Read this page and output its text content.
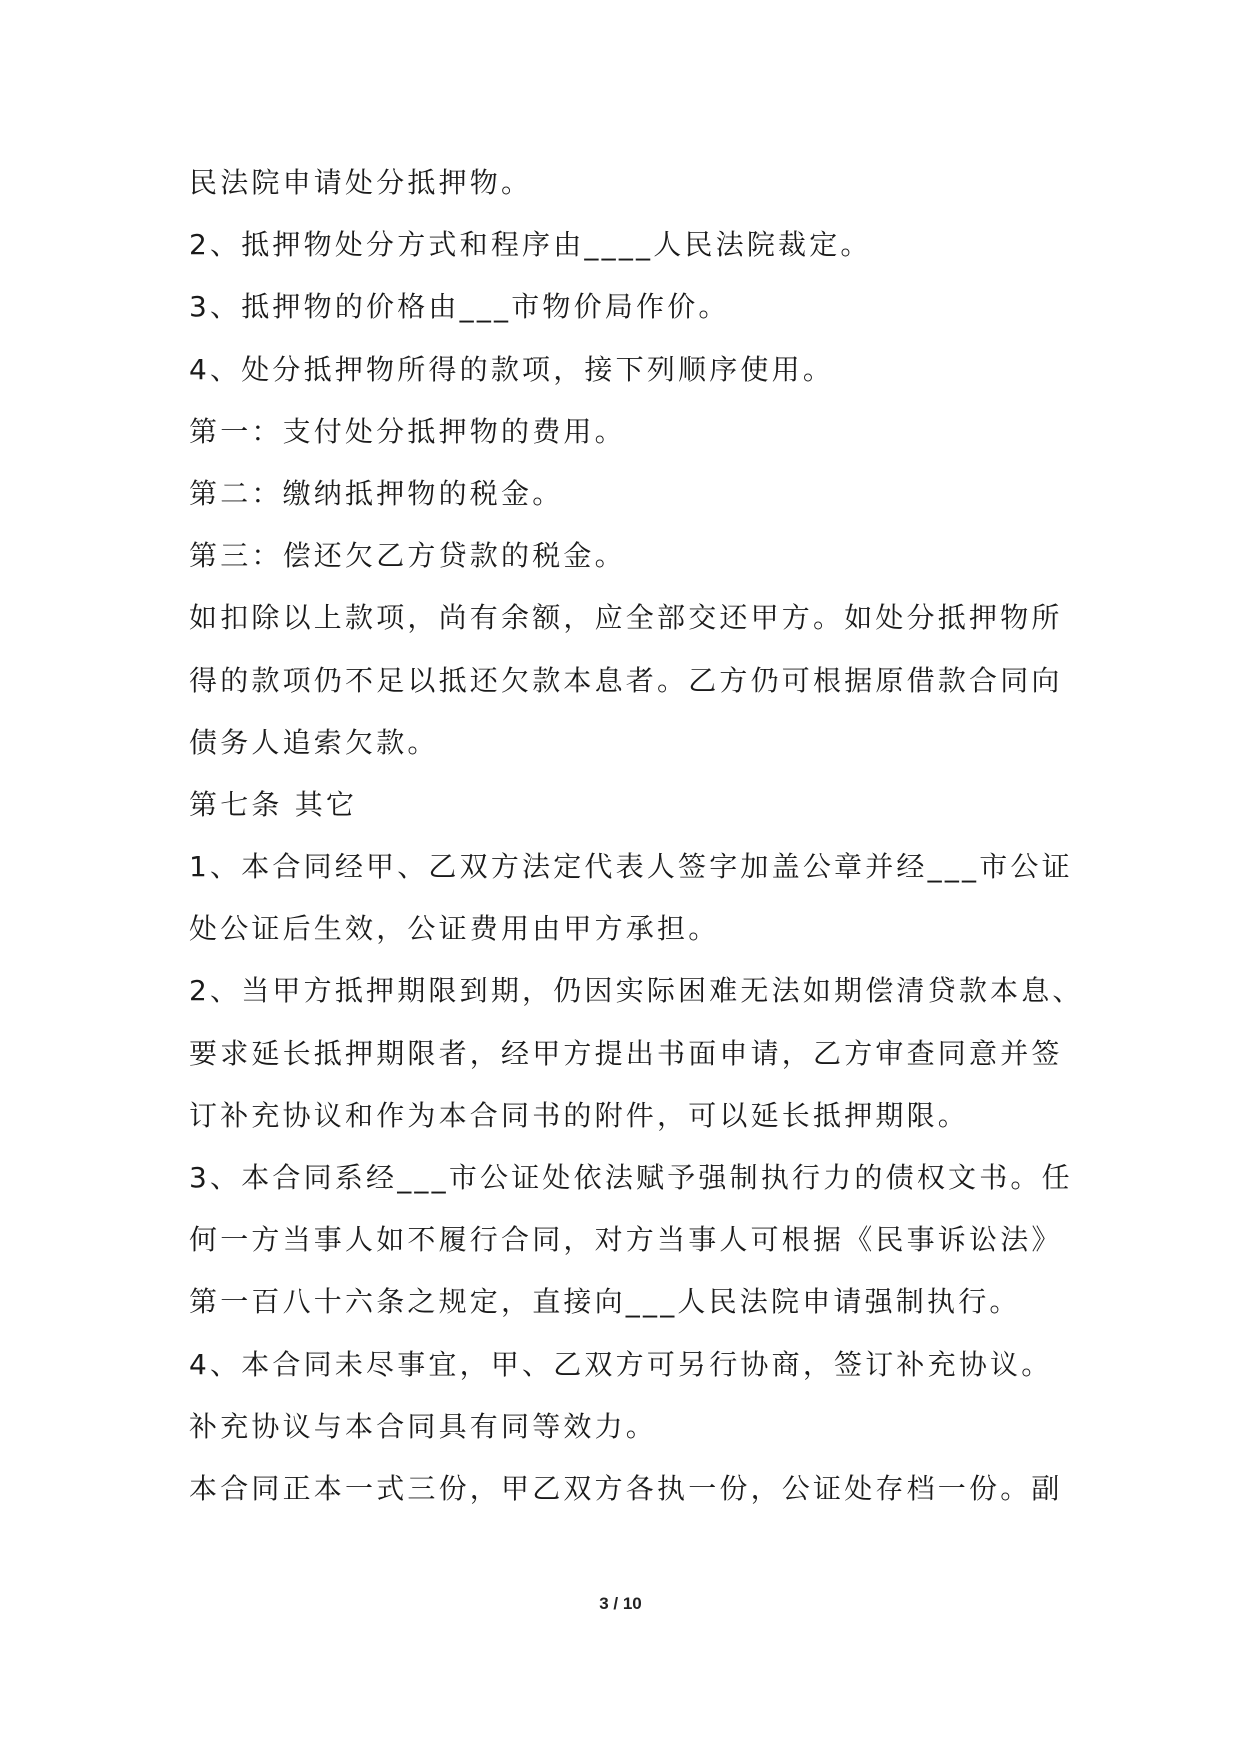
民法院申请处分抵押物。

2、抵押物处分方式和程序由____人民法院裁定。

3、抵押物的价格由___市物价局作价。

4、处分抵押物所得的款项，接下列顺序使用。

第一：支付处分抵押物的费用。

第二：缴纳抵押物的税金。

第三：偿还欠乙方贷款的税金。

如扣除以上款项，尚有余额，应全部交还甲方。如处分抵押物所

得的款项仍不足以抵还欠款本息者。乙方仍可根据原借款合同向

债务人追索欠款。

第七条 其它

1、本合同经甲、乙双方法定代表人签字加盖公章并经___市公证

处公证后生效，公证费用由甲方承担。

2、当甲方抵押期限到期，仍因实际困难无法如期偿清贷款本息、

要求延长抵押期限者，经甲方提出书面申请，乙方审查同意并签

订补充协议和作为本合同书的附件，可以延长抵押期限。

3、本合同系经___市公证处依法赋予强制执行力的债权文书。任

何一方当事人如不履行合同，对方当事人可根据《民事诉讼法》

第一百八十六条之规定，直接向___人民法院申请强制执行。

4、本合同未尽事宜，甲、乙双方可另行协商，签订补充协议。

补充协议与本合同具有同等效力。

本合同正本一式三份，甲乙双方各执一份，公证处存档一份。副

3 / 10
